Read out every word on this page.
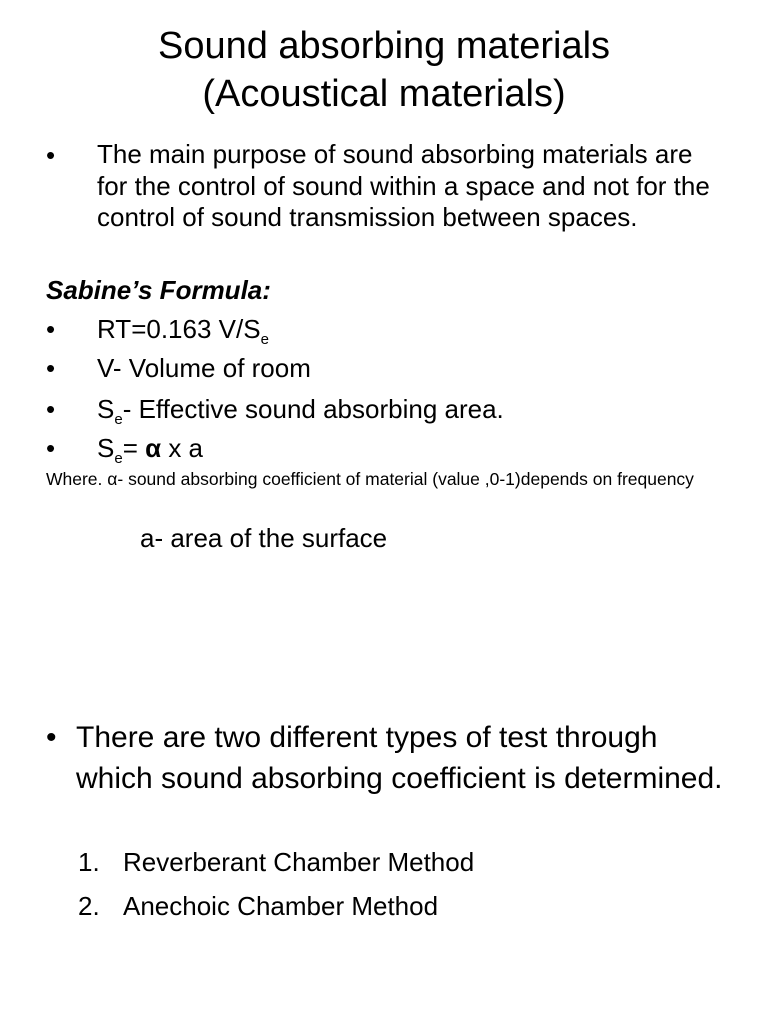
Sound absorbing materials
(Acoustical materials)
• The main purpose of sound absorbing materials are for the control of sound within a space and not for the control of sound transmission between spaces.

Sabine’s Formula:

• RT=0.163 $V/S_e$

• V- Volume of room

• $S_e-$ Effective sound absorbing area.

• $S_e= \alpha$ x a

Where. α- sound absorbing coefficient of material (value ,0-1)depends on frequency

a- area of the surface

• There are two different types of test through which sound absorbing coefficient is determined.

1. Reverberant Chamber Method
2. Anechoic Chamber Method
